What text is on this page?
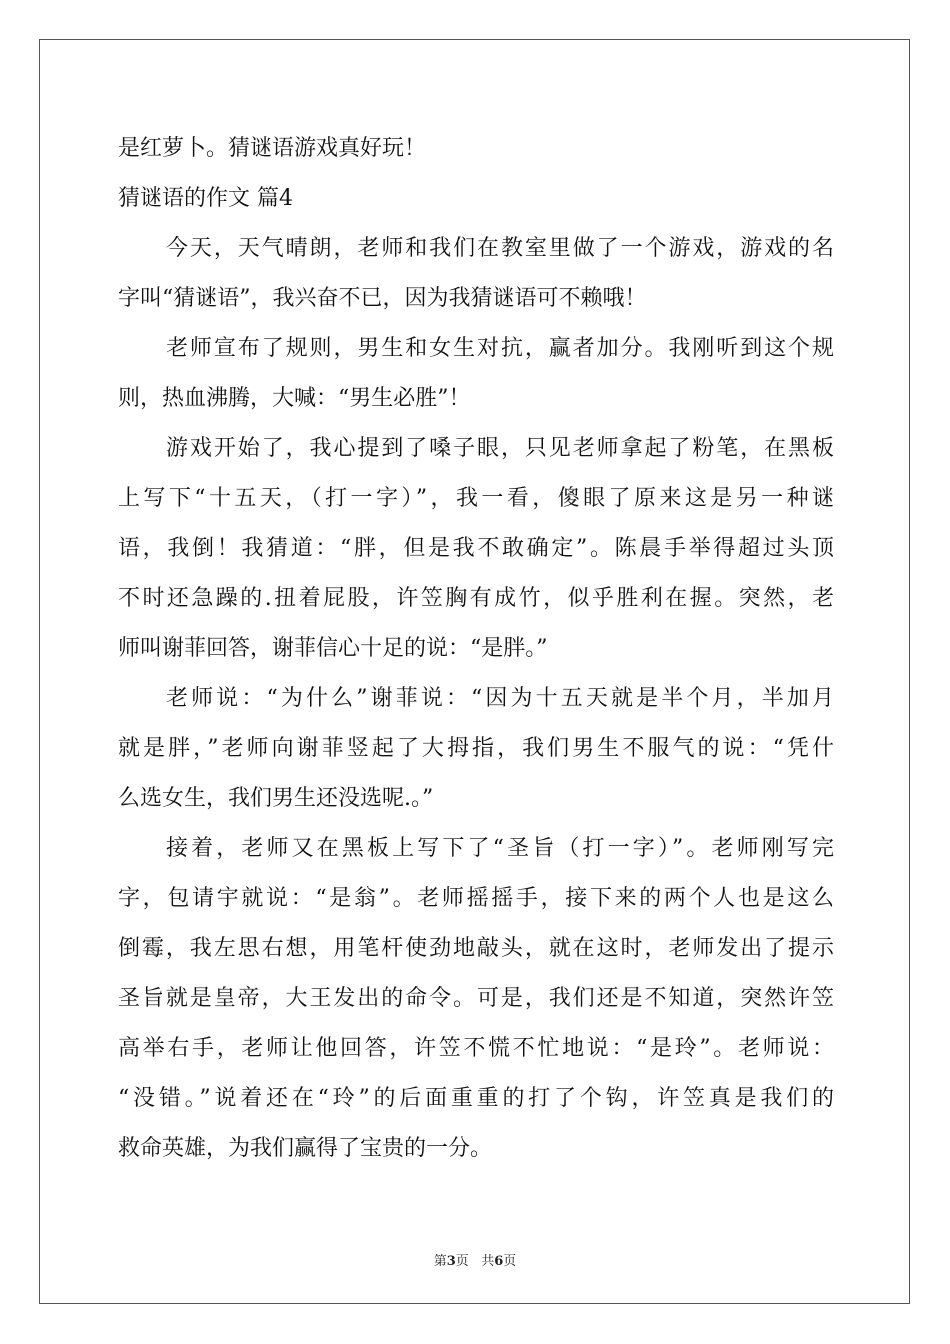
是红萝卜。猜谜语游戏真好玩！
猜谜语的作文 篇4
今天，天气晴朗，老师和我们在教室里做了一个游戏，游戏的名
字叫“猜谜语”，我兴奋不已，因为我猜谜语可不赖哦！
老师宣布了规则，男生和女生对抗，赢者加分。我刚听到这个规
则，热血沸腾，大喊：“男生必胜”！
游戏开始了，我心提到了嗓子眼，只见老师拿起了粉笔，在黑板
上写下“十五天，（打一字）”，我一看，傻眼了原来这是另一种谜
语，我倒！我猜道：“胖，但是我不敢确定”。陈晨手举得超过头顶
不时还急躁的.扭着屁股，许笠胸有成竹，似乎胜利在握。突然，老
师叫谢菲回答，谢菲信心十足的说：“是胖。”
老师说：“为什么”谢菲说：“因为十五天就是半个月，半加月
就是胖，”老师向谢菲竖起了大拇指，我们男生不服气的说：“凭什
么选女生，我们男生还没选呢.。”
接着，老师又在黑板上写下了“圣旨（打一字）”。老师刚写完
字，包请宇就说：“是翁”。老师摇摇手，接下来的两个人也是这么
倒霉，我左思右想，用笔杆使劲地敲头，就在这时，老师发出了提示
圣旨就是皇帝，大王发出的命令。可是，我们还是不知道，突然许笠
高举右手，老师让他回答，许笠不慌不忙地说：“是玲”。老师说：
“没错。”说着还在“玲”的后面重重的打了个钩，许笠真是我们的
救命英雄，为我们赢得了宝贵的一分。
第3页 共6页
